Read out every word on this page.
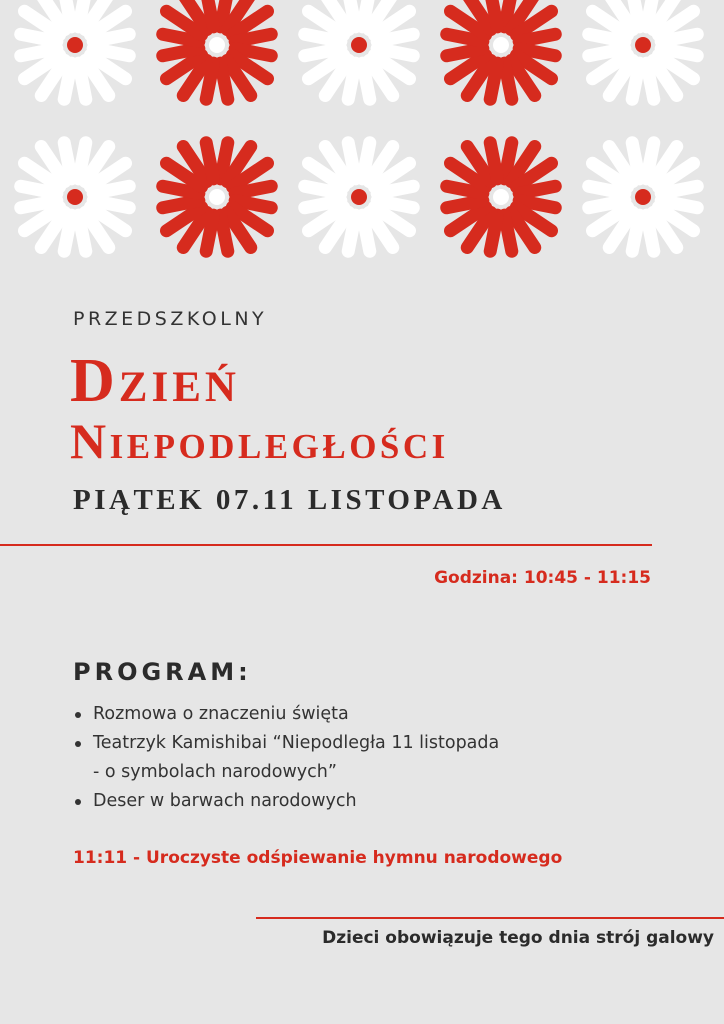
PRZEDSZKOLNY

Dzień

Niepodległości

PIĄTEK 07.11 LISTOPADA

Godzina: 10:45 - 11:15

PROGRAM:

Rozmowa o znaczeniu święta
Teatrzyk Kamishibai “Niepodległa 11 listopada
- o symbolach narodowych”
Deser w barwach narodowych

11:11 - Uroczyste odśpiewanie hymnu narodowego

Dzieci obowiązuje tego dnia strój galowy
